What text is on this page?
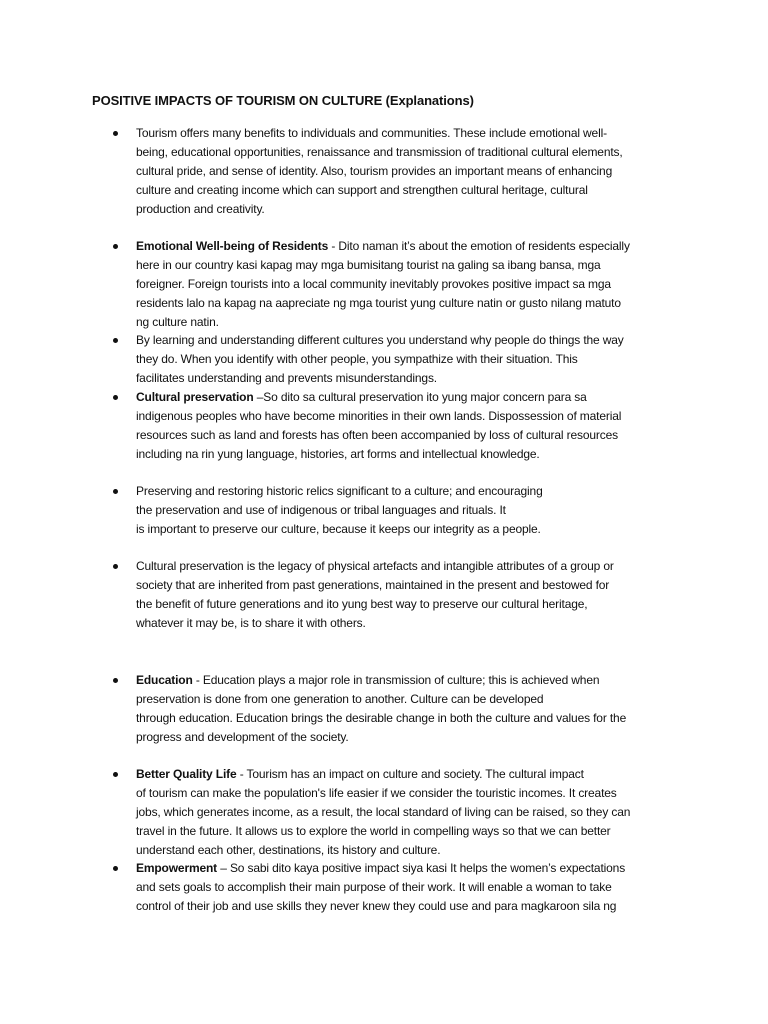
POSITIVE IMPACTS OF TOURISM ON CULTURE (Explanations)
Tourism offers many benefits to individuals and communities. These include emotional well-
being, educational opportunities, renaissance and transmission of traditional cultural elements,
cultural pride, and sense of identity. Also, tourism provides an important means of enhancing
culture and creating income which can support and strengthen cultural heritage, cultural
production and creativity.
Emotional Well-being of Residents - Dito naman it’s about the emotion of residents especially
here in our country kasi kapag may mga bumisitang tourist na galing sa ibang bansa, mga
foreigner. Foreign tourists into a local community inevitably provokes positive impact sa mga
residents lalo na kapag na aapreciate ng mga tourist yung culture natin or gusto nilang matuto
ng culture natin.
By learning and understanding different cultures you understand why people do things the way
they do. When you identify with other people, you sympathize with their situation. This
facilitates understanding and prevents misunderstandings.
Cultural preservation –So dito sa cultural preservation ito yung major concern para sa
indigenous peoples who have become minorities in their own lands. Dispossession of material
resources such as land and forests has often been accompanied by loss of cultural resources
including na rin yung language, histories, art forms and intellectual knowledge.
Preserving and restoring historic relics significant to a culture; and encouraging
the preservation and use of indigenous or tribal languages and rituals. It
is important to preserve our culture, because it keeps our integrity as a people.
Cultural preservation is the legacy of physical artefacts and intangible attributes of a group or
society that are inherited from past generations, maintained in the present and bestowed for
the benefit of future generations and ito yung best way to preserve our cultural heritage,
whatever it may be, is to share it with others.
Education - Education plays a major role in transmission of culture; this is achieved when
preservation is done from one generation to another. Culture can be developed
through education. Education brings the desirable change in both the culture and values for the
progress and development of the society.
Better Quality Life - Tourism has an impact on culture and society. The cultural impact
of tourism can make the population's life easier if we consider the touristic incomes. It creates
jobs, which generates income, as a result, the local standard of living can be raised, so they can
travel in the future. It allows us to explore the world in compelling ways so that we can better
understand each other, destinations, its history and culture.
Empowerment – So sabi dito kaya positive impact siya kasi It helps the women’s expectations
and sets goals to accomplish their main purpose of their work. It will enable a woman to take
control of their job and use skills they never knew they could use and para magkaroon sila ng
